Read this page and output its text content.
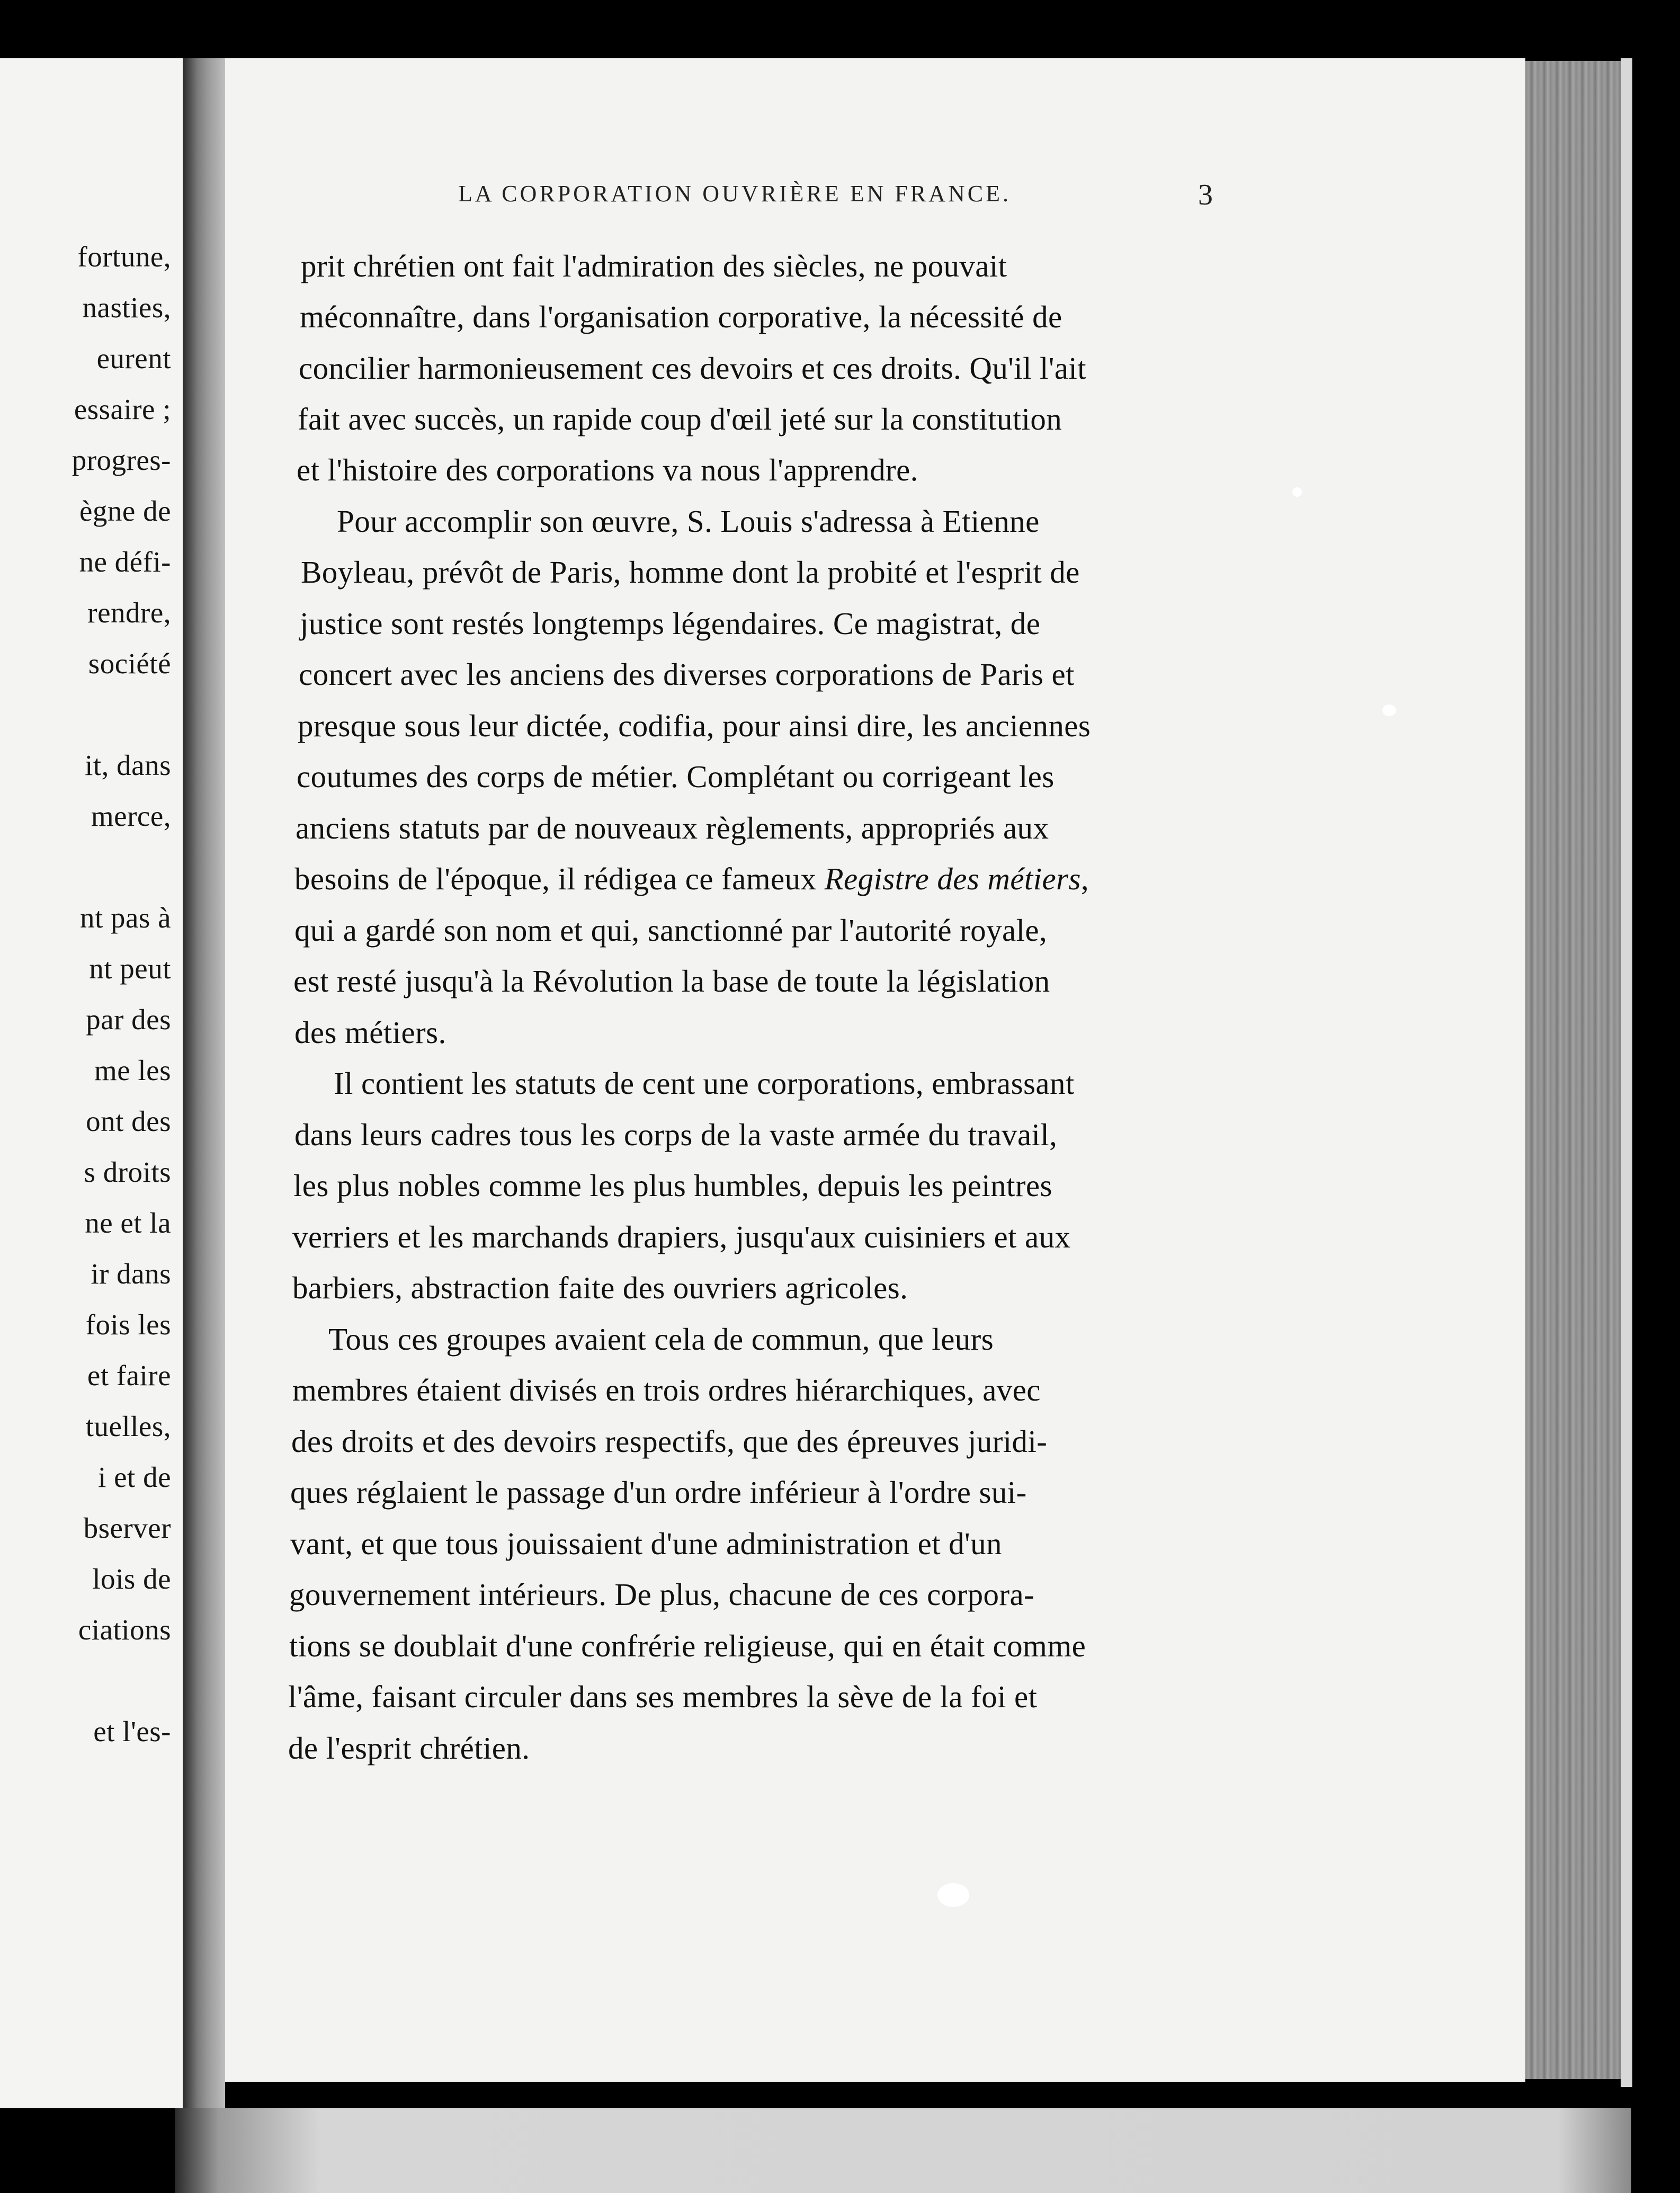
fortune,
nasties,
eurent
essaire ;
progres-
ègne de
ne défi-
rendre,
société
it, dans
merce,
nt pas à
nt peut
par des
me les
ont des
s droits
ne et la
ir dans
fois les
et faire
tuelles,
i et de
bserver
lois de
ciations
et l'es-
LA CORPORATION OUVRIÈRE EN FRANCE.	3
prit chrétien ont fait l'admiration des siècles, ne pouvait
méconnaître, dans l'organisation corporative, la nécessité de
concilier harmonieusement ces devoirs et ces droits. Qu'il l'ait
fait avec succès, un rapide coup d'œil jeté sur la constitution
et l'histoire des corporations va nous l'apprendre.
Pour accomplir son œuvre, S. Louis s'adressa à Etienne
Boyleau, prévôt de Paris, homme dont la probité et l'esprit de
justice sont restés longtemps légendaires. Ce magistrat, de
concert avec les anciens des diverses corporations de Paris et
presque sous leur dictée, codifia, pour ainsi dire, les anciennes
coutumes des corps de métier. Complétant ou corrigeant les
anciens statuts par de nouveaux règlements, appropriés aux
besoins de l'époque, il rédigea ce fameux Registre des métiers,
qui a gardé son nom et qui, sanctionné par l'autorité royale,
est resté jusqu'à la Révolution la base de toute la législation
des métiers.
Il contient les statuts de cent une corporations, embrassant
dans leurs cadres tous les corps de la vaste armée du travail,
les plus nobles comme les plus humbles, depuis les peintres
verriers et les marchands drapiers, jusqu'aux cuisiniers et aux
barbiers, abstraction faite des ouvriers agricoles.
Tous ces groupes avaient cela de commun, que leurs
membres étaient divisés en trois ordres hiérarchiques, avec
des droits et des devoirs respectifs, que des épreuves juridi-
ques réglaient le passage d'un ordre inférieur à l'ordre sui-
vant, et que tous jouissaient d'une administration et d'un
gouvernement intérieurs. De plus, chacune de ces corpora-
tions se doublait d'une confrérie religieuse, qui en était comme
l'âme, faisant circuler dans ses membres la sève de la foi et
de l'esprit chrétien.
